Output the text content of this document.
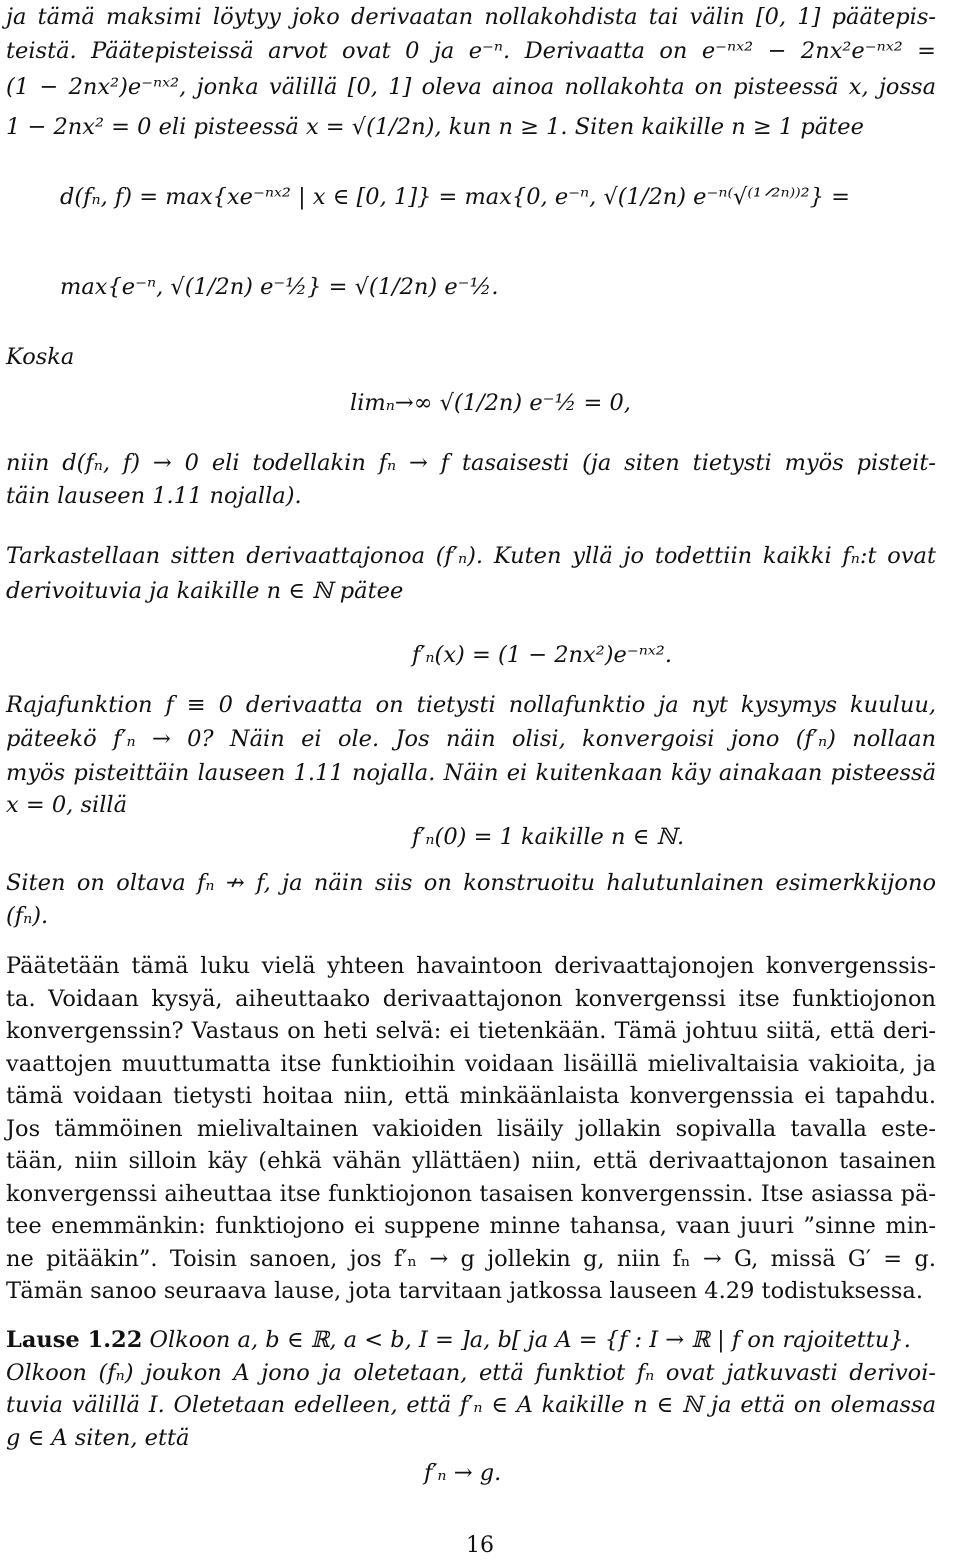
ja tämä maksimi löytyy joko derivaatan nollakohdista tai välin [0, 1] päätepis-
teistä. Päätepisteissä arvot ovat 0 ja e⁻ⁿ. Derivaatta on e⁻ⁿˣ² − 2nx²e⁻ⁿˣ² =
(1 − 2nx²)e⁻ⁿˣ², jonka välillä [0, 1] oleva ainoa nollakohta on pisteessä x, jossa
1 − 2nx² = 0 eli pisteessä x = √(1/2n), kun n ≥ 1. Siten kaikille n ≥ 1 pätee
d(fₙ, f) = max{xe⁻ⁿˣ² | x ∈ [0, 1]} = max{0, e⁻ⁿ, √(1/2n) e⁻ⁿ⁽√⁽¹ᐟ²ⁿ⁾⁾²} =
max{e⁻ⁿ, √(1/2n) e⁻½} = √(1/2n) e⁻½.
Koska
limₙ→∞ √(1/2n) e⁻½ = 0,
niin d(fₙ, f) → 0 eli todellakin fₙ → f tasaisesti (ja siten tietysti myös pisteit-
täin lauseen 1.11 nojalla).
Tarkastellaan sitten derivaattajonoa (f′ₙ). Kuten yllä jo todettiin kaikki fₙ:t ovat
derivoituvia ja kaikille n ∈ ℕ pätee
f′ₙ(x) = (1 − 2nx²)e⁻ⁿˣ².
Rajafunktion f ≡ 0 derivaatta on tietysti nollafunktio ja nyt kysymys kuuluu,
päteekö f′ₙ → 0? Näin ei ole. Jos näin olisi, konvergoisi jono (f′ₙ) nollaan
myös pisteittäin lauseen 1.11 nojalla. Näin ei kuitenkaan käy ainakaan pisteessä
x = 0, sillä
f′ₙ(0) = 1 kaikille n ∈ ℕ.
Siten on oltava fₙ ↛ f, ja näin siis on konstruoitu halutunlainen esimerkkijono
(fₙ).
Päätetään tämä luku vielä yhteen havaintoon derivaattajonojen konvergenssis-
ta. Voidaan kysyä, aiheuttaako derivaattajonon konvergenssi itse funktiojonon
konvergenssin? Vastaus on heti selvä: ei tietenkään. Tämä johtuu siitä, että deri-
vaattojen muuttumatta itse funktioihin voidaan lisäillä mielivaltaisia vakioita, ja
tämä voidaan tietysti hoitaa niin, että minkäänlaista konvergenssia ei tapahdu.
Jos tämmöinen mielivaltainen vakioiden lisäily jollakin sopivalla tavalla este-
tään, niin silloin käy (ehkä vähän yllättäen) niin, että derivaattajonon tasainen
konvergenssi aiheuttaa itse funktiojonon tasaisen konvergenssin. Itse asiassa pä-
tee enemmänkin: funktiojono ei suppene minne tahansa, vaan juuri ”sinne min-
ne pitääkin”. Toisin sanoen, jos f′ₙ → g jollekin g, niin fₙ → G, missä G′ = g.
Tämän sanoo seuraava lause, jota tarvitaan jatkossa lauseen 4.29 todistuksessa.
Lause 1.22 Olkoon a, b ∈ ℝ, a < b, I = ]a, b[ ja A = {f : I → ℝ | f on rajoitettu}.
Olkoon (fₙ) joukon A jono ja oletetaan, että funktiot fₙ ovat jatkuvasti derivoi-
tuvia välillä I. Oletetaan edelleen, että f′ₙ ∈ A kaikille n ∈ ℕ ja että on olemassa
g ∈ A siten, että
f′ₙ → g.
16
